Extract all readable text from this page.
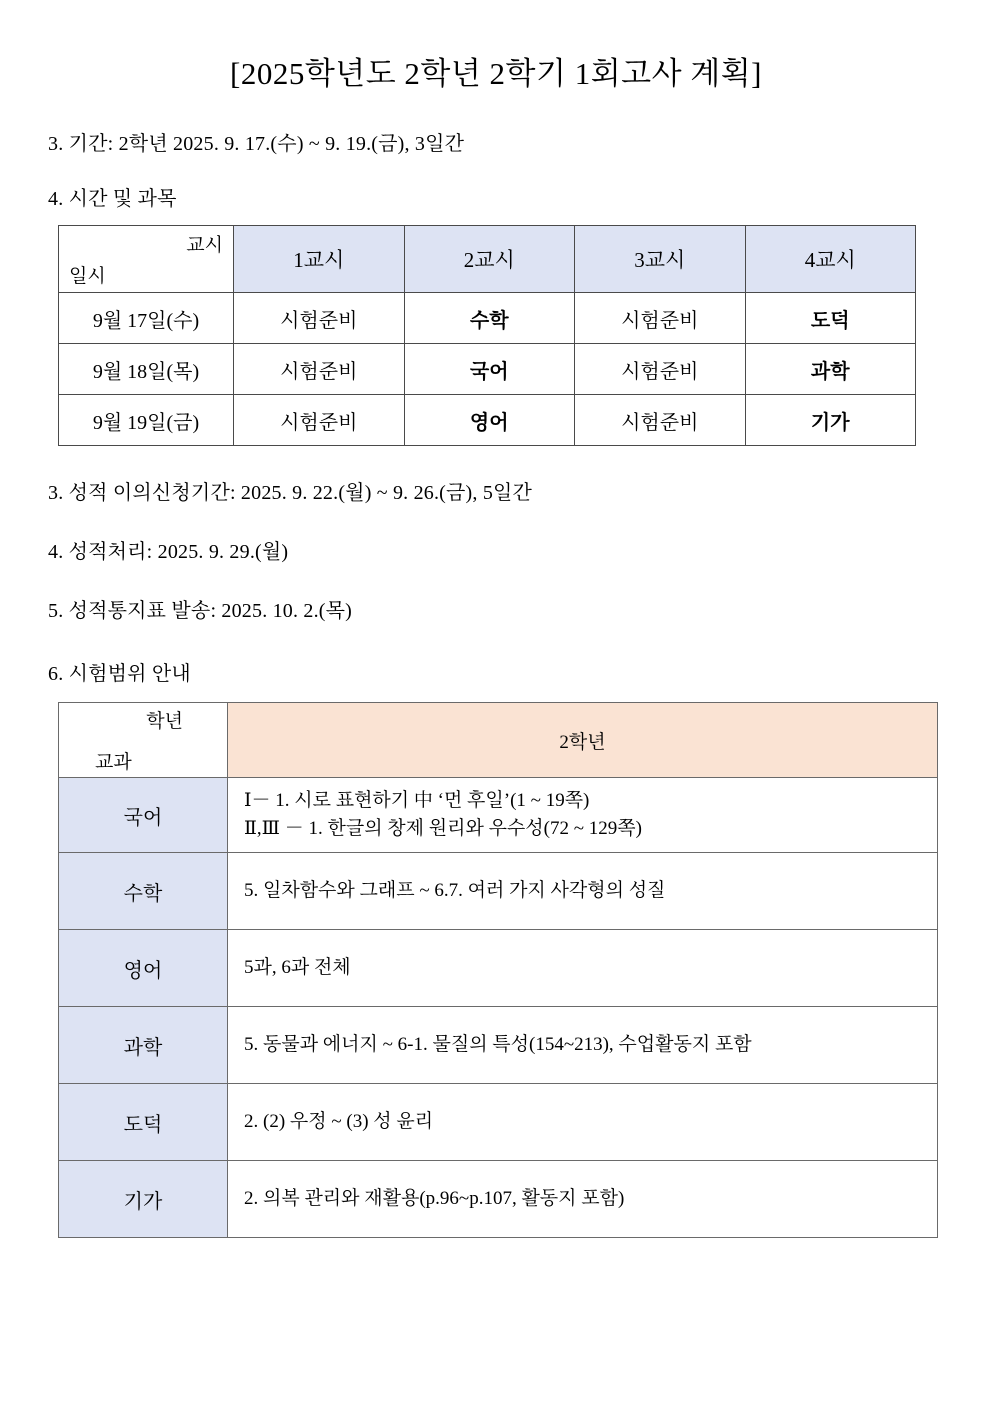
[2025학년도 2학년 2학기 1회고사 계획]

3. 기간: 2학년 2025. 9. 17.(수) ~ 9. 19.(금), 3일간

4. 시간 및 과목

교시
일시	1교시	2교시	3교시	4교시
9월 17일(수)	시험준비	수학	시험준비	도덕
9월 18일(목)	시험준비	국어	시험준비	과학
9월 19일(금)	시험준비	영어	시험준비	기가

3. 성적 이의신청기간: 2025. 9. 22.(월) ~ 9. 26.(금), 5일간

4. 성적처리: 2025. 9. 29.(월)

5. 성적통지표 발송: 2025. 10. 2.(목)

6. 시험범위 안내

학년
교과	2학년
국어	Ⅰ－ 1. 시로 표현하기 中 ‘먼 후일’(1 ~ 19쪽)
Ⅱ,Ⅲ － 1. 한글의 창제 원리와 우수성(72 ~ 129쪽)

수학	5. 일차함수와 그래프 ~ 6.7. 여러 가지 사각형의 성질
영어	5과, 6과 전체
과학	5. 동물과 에너지 ~ 6-1. 물질의 특성(154~213), 수업활동지 포함
도덕	2. (2) 우정 ~ (3) 성 윤리
기가	2. 의복 관리와 재활용(p.96~p.107, 활동지 포함)
